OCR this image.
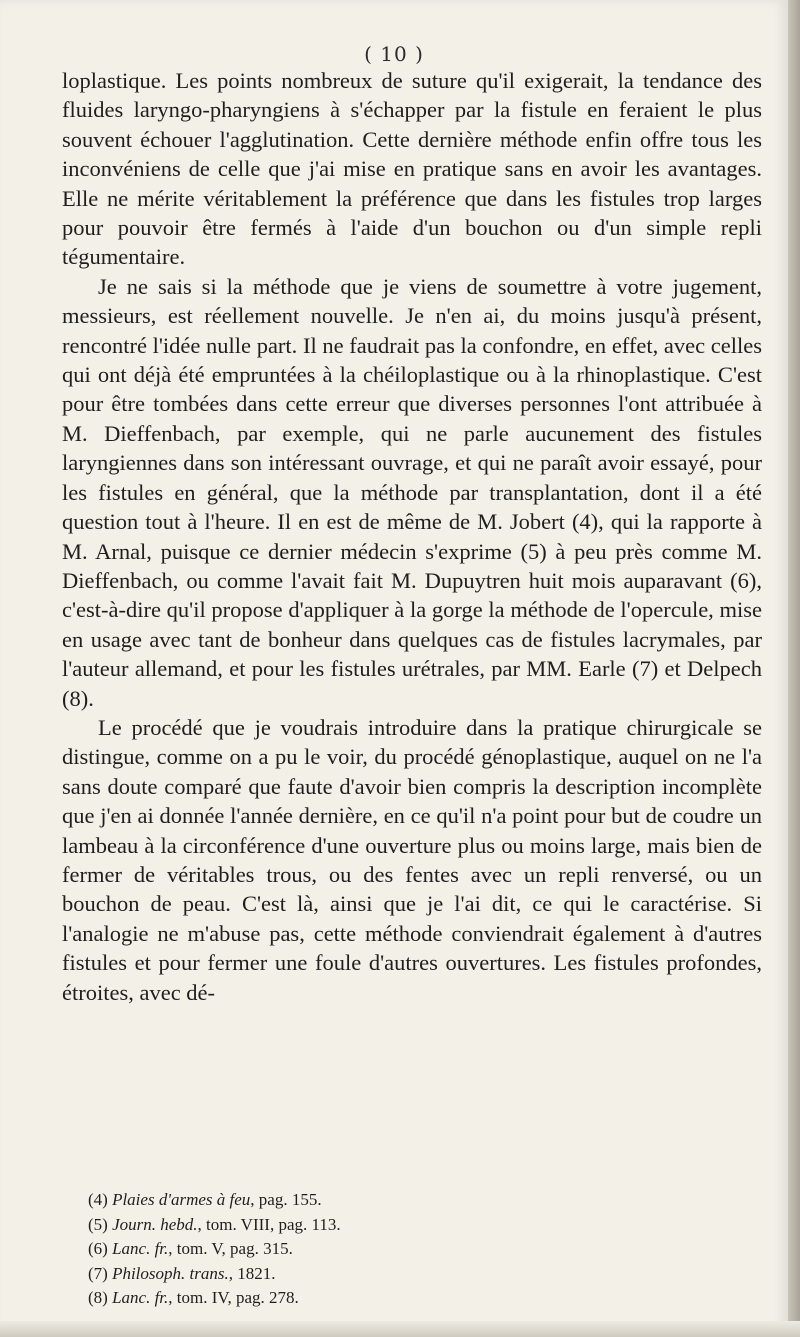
( 10 )

loplastique. Les points nombreux de suture qu'il exigerait, la tendance des fluides laryngo-pharyngiens à s'échapper par la fistule en feraient le plus souvent échouer l'agglutination. Cette dernière méthode enfin offre tous les inconvéniens de celle que j'ai mise en pratique sans en avoir les avantages. Elle ne mérite véritablement la préférence que dans les fistules trop larges pour pouvoir être fermés à l'aide d'un bouchon ou d'un simple repli tégumentaire.

Je ne sais si la méthode que je viens de soumettre à votre jugement, messieurs, est réellement nouvelle. Je n'en ai, du moins jusqu'à présent, rencontré l'idée nulle part. Il ne faudrait pas la confondre, en effet, avec celles qui ont déjà été empruntées à la chéiloplastique ou à la rhinoplastique. C'est pour être tombées dans cette erreur que diverses personnes l'ont attribuée à M. Dieffenbach, par exemple, qui ne parle aucunement des fistules laryngiennes dans son intéressant ouvrage, et qui ne paraît avoir essayé, pour les fistules en général, que la méthode par transplantation, dont il a été question tout à l'heure. Il en est de même de M. Jobert (4), qui la rapporte à M. Arnal, puisque ce dernier médecin s'exprime (5) à peu près comme M. Dieffenbach, ou comme l'avait fait M. Dupuytren huit mois auparavant (6), c'est-à-dire qu'il propose d'appliquer à la gorge la méthode de l'opercule, mise en usage avec tant de bonheur dans quelques cas de fistules lacrymales, par l'auteur allemand, et pour les fistules urétrales, par MM. Earle (7) et Delpech (8).

Le procédé que je voudrais introduire dans la pratique chirurgicale se distingue, comme on a pu le voir, du procédé génoplastique, auquel on ne l'a sans doute comparé que faute d'avoir bien compris la description incomplète que j'en ai donnée l'année dernière, en ce qu'il n'a point pour but de coudre un lambeau à la circonférence d'une ouverture plus ou moins large, mais bien de fermer de véritables trous, ou des fentes avec un repli renversé, ou un bouchon de peau. C'est là, ainsi que je l'ai dit, ce qui le caractérise. Si l'analogie ne m'abuse pas, cette méthode conviendrait également à d'autres fistules et pour fermer une foule d'autres ouvertures. Les fistules profondes, étroites, avec dé-

(4) Plaies d'armes à feu, pag. 155.
(5) Journ. hebd., tom. VIII, pag. 113.
(6) Lanc. fr., tom. V, pag. 315.
(7) Philosoph. trans., 1821.
(8) Lanc. fr., tom. IV, pag. 278.
